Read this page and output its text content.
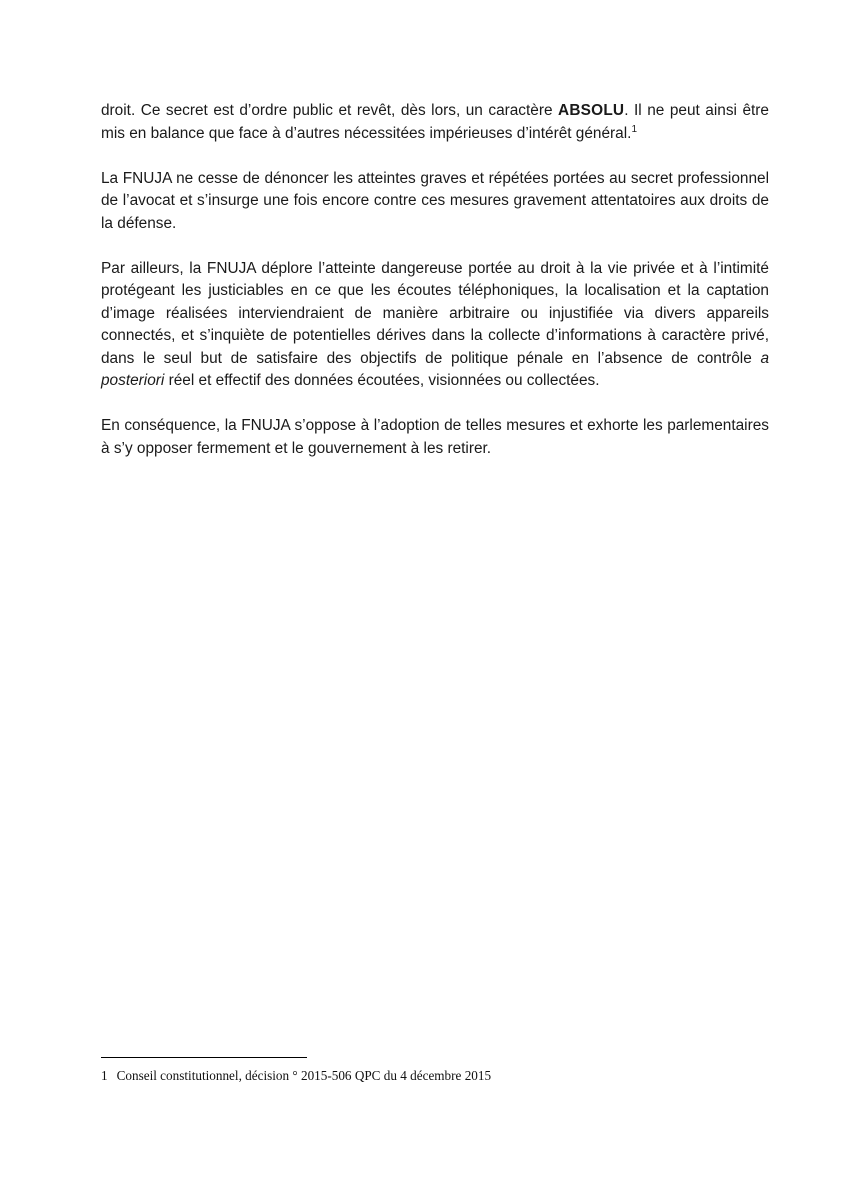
droit. Ce secret est d’ordre public et revêt, dès lors, un caractère ABSOLU. Il ne peut ainsi être mis en balance que face à d’autres nécessitées impérieuses d’intérêt général.$^1$

La FNUJA ne cesse de dénoncer les atteintes graves et répétées portées au secret professionnel de l’avocat et s’insurge une fois encore contre ces mesures gravement attentatoires aux droits de la défense.

Par ailleurs, la FNUJA déplore l’atteinte dangereuse portée au droit à la vie privée et à l’intimité protégeant les justiciables en ce que les écoutes téléphoniques, la localisation et la captation d’image réalisées interviendraient de manière arbitraire ou injustifiée via divers appareils connectés, et s’inquiète de potentielles dérives dans la collecte d’informations à caractère privé, dans le seul but de satisfaire des objectifs de politique pénale en l’absence de contrôle a posteriori réel et effectif des données écoutées, visionnées ou collectées.

En conséquence, la FNUJA s’oppose à l’adoption de telles mesures et exhorte les parlementaires à s’y opposer fermement et le gouvernement à les retirer.

1 Conseil constitutionnel, décision ° 2015-506 QPC du 4 décembre 2015
